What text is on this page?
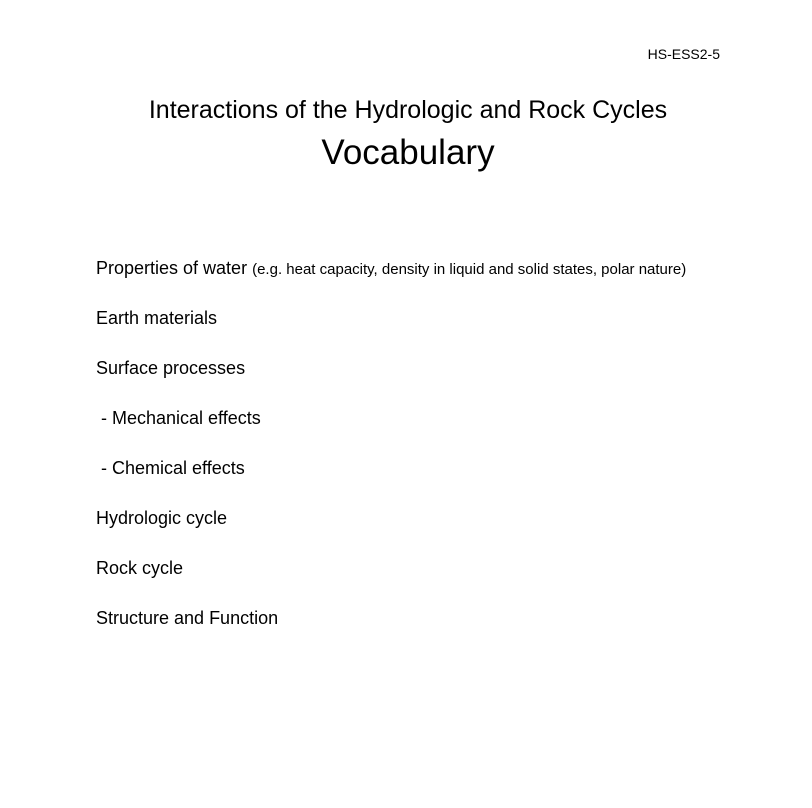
HS-ESS2-5
Interactions of the Hydrologic and Rock Cycles
Vocabulary
Properties of water (e.g. heat capacity, density in liquid and solid states, polar nature)
Earth materials
Surface processes
- Mechanical effects
- Chemical effects
Hydrologic cycle
Rock cycle
Structure and Function
